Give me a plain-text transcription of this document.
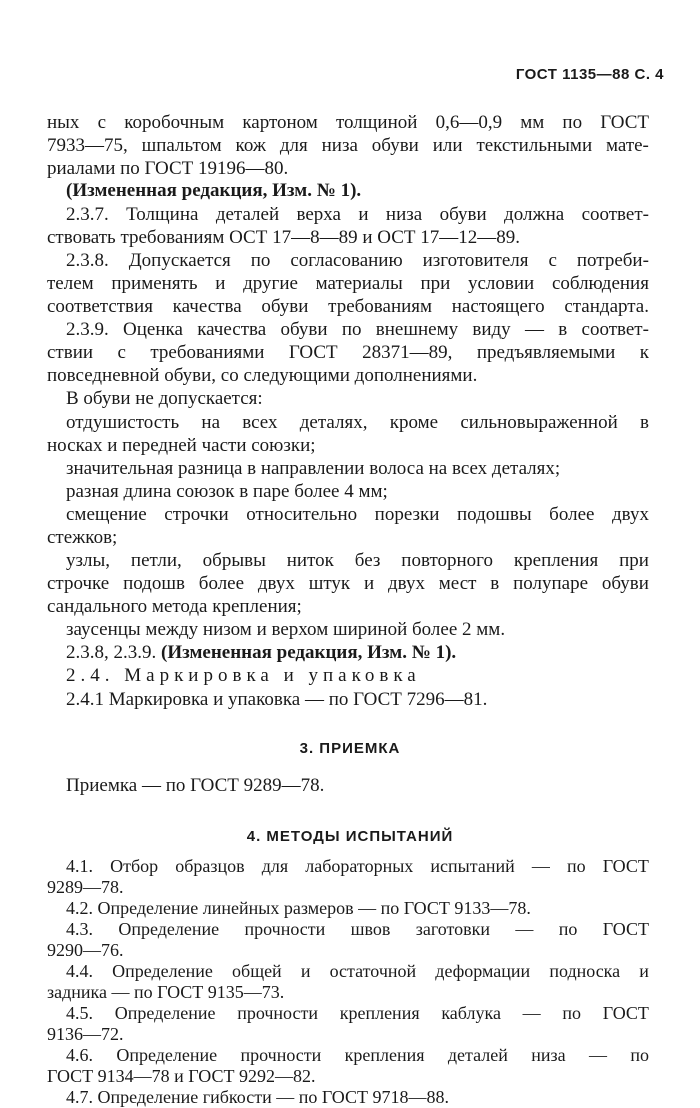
ГОСТ 1135—88 С. 4
ных с коробочным картоном толщиной 0,6—0,9 мм по ГОСТ
7933—75, шпальтом кож для низа обуви или текстильными мате-
риалами по ГОСТ 19196—80.
(Измененная редакция, Изм. № 1).
2.3.7. Толщина деталей верха и низа обуви должна соответ-
ствовать требованиям ОСТ 17—8—89 и ОСТ 17—12—89.
2.3.8. Допускается по согласованию изготовителя с потреби-
телем применять и другие материалы при условии соблюдения
соответствия качества обуви требованиям настоящего стандарта.
2.3.9. Оценка качества обуви по внешнему виду — в соответ-
ствии с требованиями ГОСТ 28371—89, предъявляемыми к
повседневной обуви, со следующими дополнениями.
В обуви не допускается:
отдушистость на всех деталях, кроме сильновыраженной в
носках и передней части союзки;
значительная разница в направлении волоса на всех деталях;
разная длина союзок в паре более 4 мм;
смещение строчки относительно порезки подошвы более двух
стежков;
узлы, петли, обрывы ниток без повторного крепления при
строчке подошв более двух штук и двух мест в полупаре обуви
сандального метода крепления;
заусенцы между низом и верхом шириной более 2 мм.
2.3.8, 2.3.9. (Измененная редакция, Изм. № 1).
2.4. Маркировка и упаковка
2.4.1 Маркировка и упаковка — по ГОСТ 7296—81.
3. ПРИЕМКА
Приемка — по ГОСТ 9289—78.
4. МЕТОДЫ ИСПЫТАНИЙ
4.1. Отбор образцов для лабораторных испытаний — по ГОСТ
9289—78.
4.2. Определение линейных размеров — по ГОСТ 9133—78.
4.3. Определение прочности швов заготовки — по ГОСТ
9290—76.
4.4. Определение общей и остаточной деформации подноска и
задника — по ГОСТ 9135—73.
4.5. Определение прочности крепления каблука — по ГОСТ
9136—72.
4.6. Определение прочности крепления деталей низа — по
ГОСТ 9134—78 и ГОСТ 9292—82.
4.7. Определение гибкости — по ГОСТ 9718—88.
